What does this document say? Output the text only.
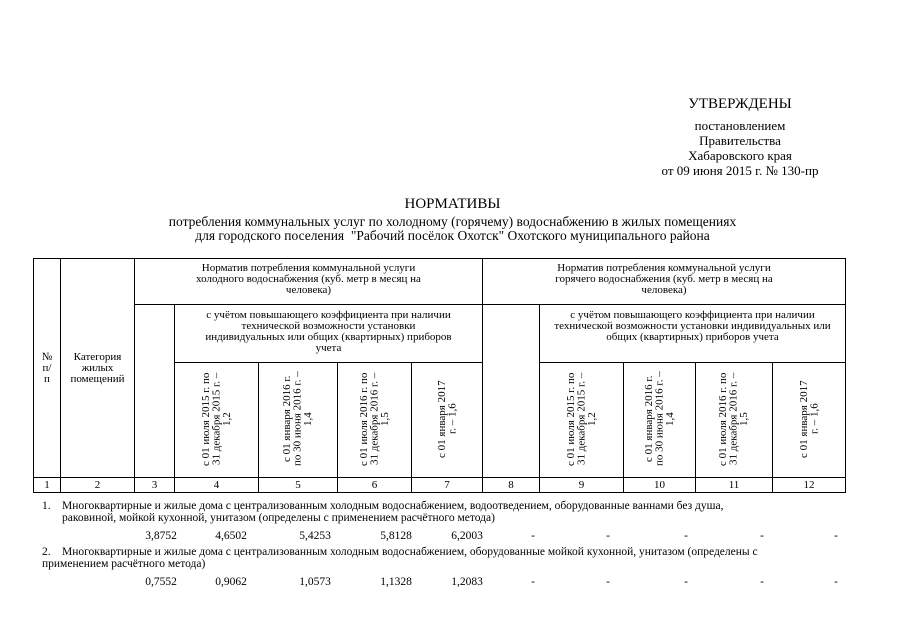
УТВЕРЖДЕНЫ
постановлением
Правительства
Хабаровского края
от 09 июня 2015 г. № 130-пр
НОРМАТИВЫ
потребления коммунальных услуг по холодному (горячему) водоснабжению в жилых помещениях
для городского поселения  "Рабочий посёлок Охотск" Охотского муниципального района
№ п/п	Категория жилых помещений	Норматив потребления коммунальной услуги холодного водоснабжения (куб. метр в месяц на человека)					Норматив потребления коммунальной услуги горячего водоснабжения (куб. метр в месяц на человека)				
			с учётом повышающего коэффициента при наличии технической возможности установки индивидуальных или общих (квартирных) приборов учета					с учётом повышающего коэффициента при наличии технической возможности установки индивидуальных или общих (квартирных) приборов учета			
			с 01 июля 2015 г. по 31 декабря 2015 г. – 1,2	с 01 января 2016 г. по 30 июня 2016 г. – 1,4	с 01 июля 2016 г. по 31 декабря 2016 г. – 1,5	с 01 января 2017 г. – 1,6		с 01 июля 2015 г. по 31 декабря 2015 г. – 1,2	с 01 января 2016 г. по 30 июня 2016 г. – 1,4	с 01 июля 2016 г. по 31 декабря 2016 г. – 1,5	с 01 января 2017 г. – 1,6
1	2	3	4	5	6	7	8	9	10	11	12
1. Многоквартирные и жилые дома с централизованным холодным водоснабжением, водоотведением, оборудованные ваннами без душа,
раковиной, мойкой кухонной, унитазом (определены с применением расчётного метода)
3,8752	4,6502	5,4253	5,8128	6,2003	-	-	-	-	-
2. Многоквартирные и жилые дома с централизованным холодным водоснабжением, оборудованные мойкой кухонной, унитазом (определены с
применением расчётного метода)
0,7552	0,9062	1,0573	1,1328	1,2083	-	-	-	-	-
